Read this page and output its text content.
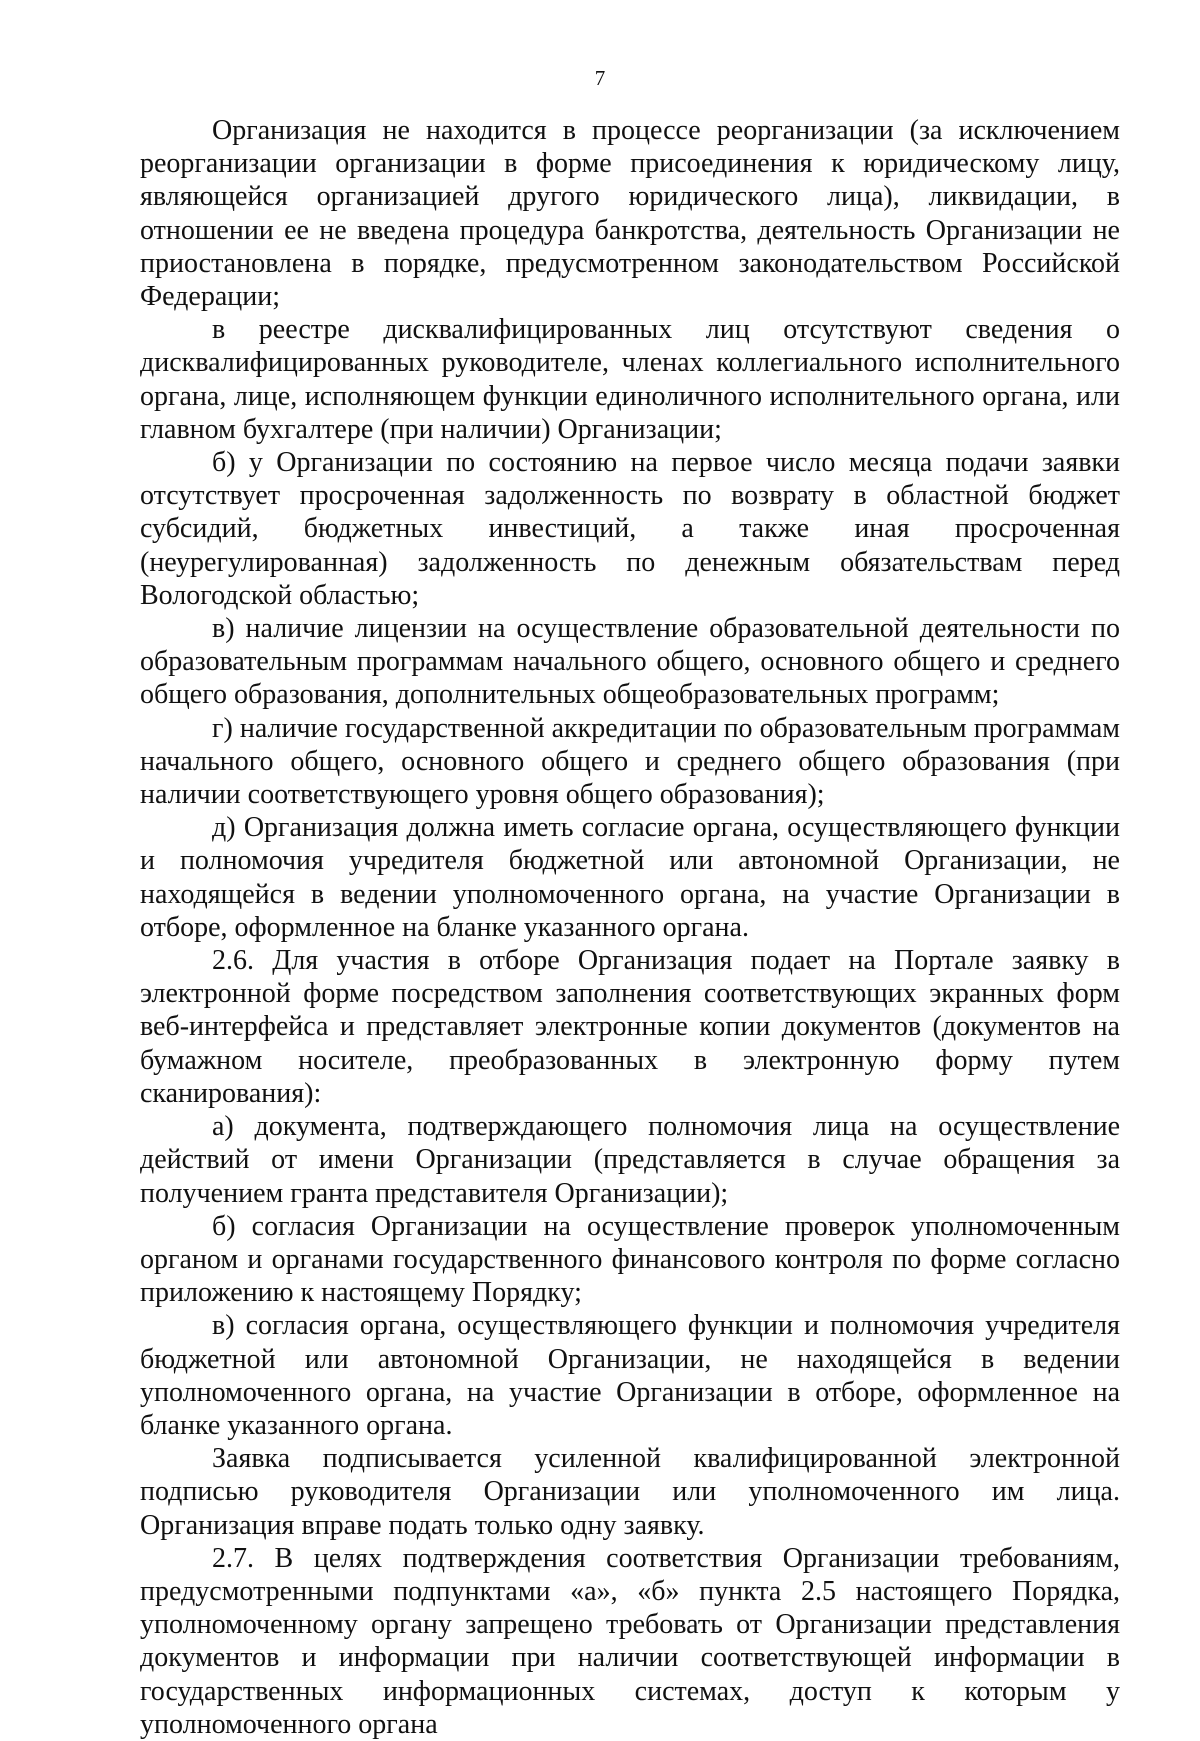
7

Организация не находится в процессе реорганизации (за исключением реорганизации организации в форме присоединения к юридическому лицу, являющейся организацией другого юридического лица), ликвидации, в отношении ее не введена процедура банкротства, деятельность Организации не приостановлена в порядке, предусмотренном законодательством Российской Федерации;

в реестре дисквалифицированных лиц отсутствуют сведения о дисквалифицированных руководителе, членах коллегиального исполнительного органа, лице, исполняющем функции единоличного исполнительного органа, или главном бухгалтере (при наличии) Организации;

б) у Организации по состоянию на первое число месяца подачи заявки отсутствует просроченная задолженность по возврату в областной бюджет субсидий, бюджетных инвестиций, а также иная просроченная (неурегулированная) задолженность по денежным обязательствам перед Вологодской областью;

в) наличие лицензии на осуществление образовательной деятельности по образовательным программам начального общего, основного общего и среднего общего образования, дополнительных общеобразовательных программ;

г) наличие государственной аккредитации по образовательным программам начального общего, основного общего и среднего общего образования (при наличии соответствующего уровня общего образования);

д) Организация должна иметь согласие органа, осуществляющего функции и полномочия учредителя бюджетной или автономной Организации, не находящейся в ведении уполномоченного органа, на участие Организации в отборе, оформленное на бланке указанного органа.

2.6. Для участия в отборе Организация подает на Портале заявку в электронной форме посредством заполнения соответствующих экранных форм веб-интерфейса и представляет электронные копии документов (документов на бумажном носителе, преобразованных в электронную форму путем сканирования):

а) документа, подтверждающего полномочия лица на осуществление действий от имени Организации (представляется в случае обращения за получением гранта представителя Организации);

б) согласия Организации на осуществление проверок уполномоченным органом и органами государственного финансового контроля по форме согласно приложению к настоящему Порядку;

в) согласия органа, осуществляющего функции и полномочия учредителя бюджетной или автономной Организации, не находящейся в ведении уполномоченного органа, на участие Организации в отборе, оформленное на бланке указанного органа.

Заявка подписывается усиленной квалифицированной электронной подписью руководителя Организации или уполномоченного им лица. Организация вправе подать только одну заявку.

2.7. В целях подтверждения соответствия Организации требованиям, предусмотренными подпунктами «а», «б» пункта 2.5 настоящего Порядка, уполномоченному органу запрещено требовать от Организации представления документов и информации при наличии соответствующей информации в государственных информационных системах, доступ к которым у уполномоченного органа
